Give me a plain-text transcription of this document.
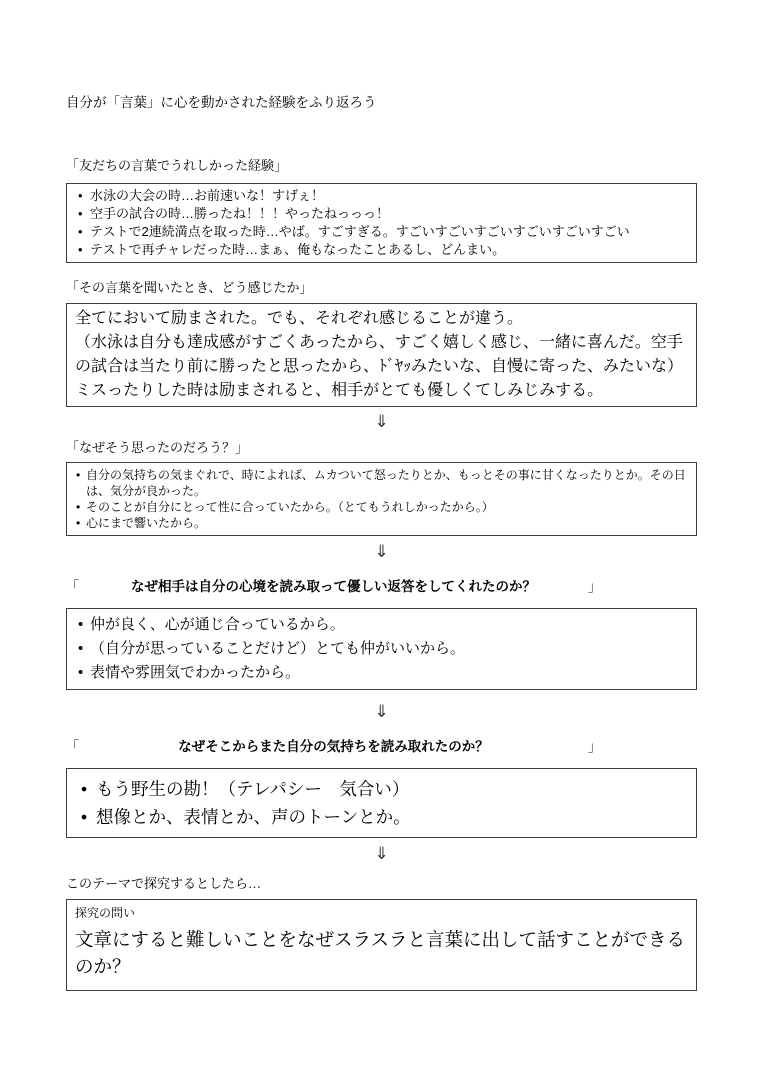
自分が「言葉」に心を動かされた経験をふり返ろう
「友だちの言葉でうれしかった経験」
• 水泳の大会の時…お前速いな！すげぇ！
• 空手の試合の時…勝ったね！！！やったねっっっ！
• テストで2連続満点を取った時…やば。すごすぎる。すごいすごいすごいすごいすごいすごい
• テストで再チャレだった時…まぁ、俺もなったことあるし、どんまい。
「その言葉を聞いたとき、どう感じたか」

全てにおいて励まされた。でも、それぞれ感じることが違う。

（水泳は自分も達成感がすごくあったから、すごく嬉しく感じ、一緒に喜んだ。空手の試合は当たり前に勝ったと思ったから、ﾄﾞﾔｯみたいな、自慢に寄った、みたいな）

ミスったりした時は励まされると、相手がとても優しくてしみじみする。

⇓
「なぜそう思ったのだろう？」
• 自分の気持ちの気まぐれで、時によれば、ムカついて怒ったりとか、もっとその事に甘くなったりとか。その日は、気分が良かった。
• そのことが自分にとって性に合っていたから。（とてもうれしかったから。）
• 心にまで響いたから。
⇓
「	なぜ相手は自分の心境を読み取って優しい返答をしてくれたのか？	」
• 仲が良く、心が通じ合っているから。
• （自分が思っていることだけど）とても仲がいいから。
• 表情や雰囲気でわかったから。
⇓
「	なぜそこからまた自分の気持ちを読み取れたのか？	」
• もう野生の勘！（テレパシー　気合い）
• 想像とか、表情とか、声のトーンとか。
⇓
このテーマで探究するとしたら…
探究の問い
文章にすると難しいことをなぜスラスラと言葉に出して話すことができるのか？
